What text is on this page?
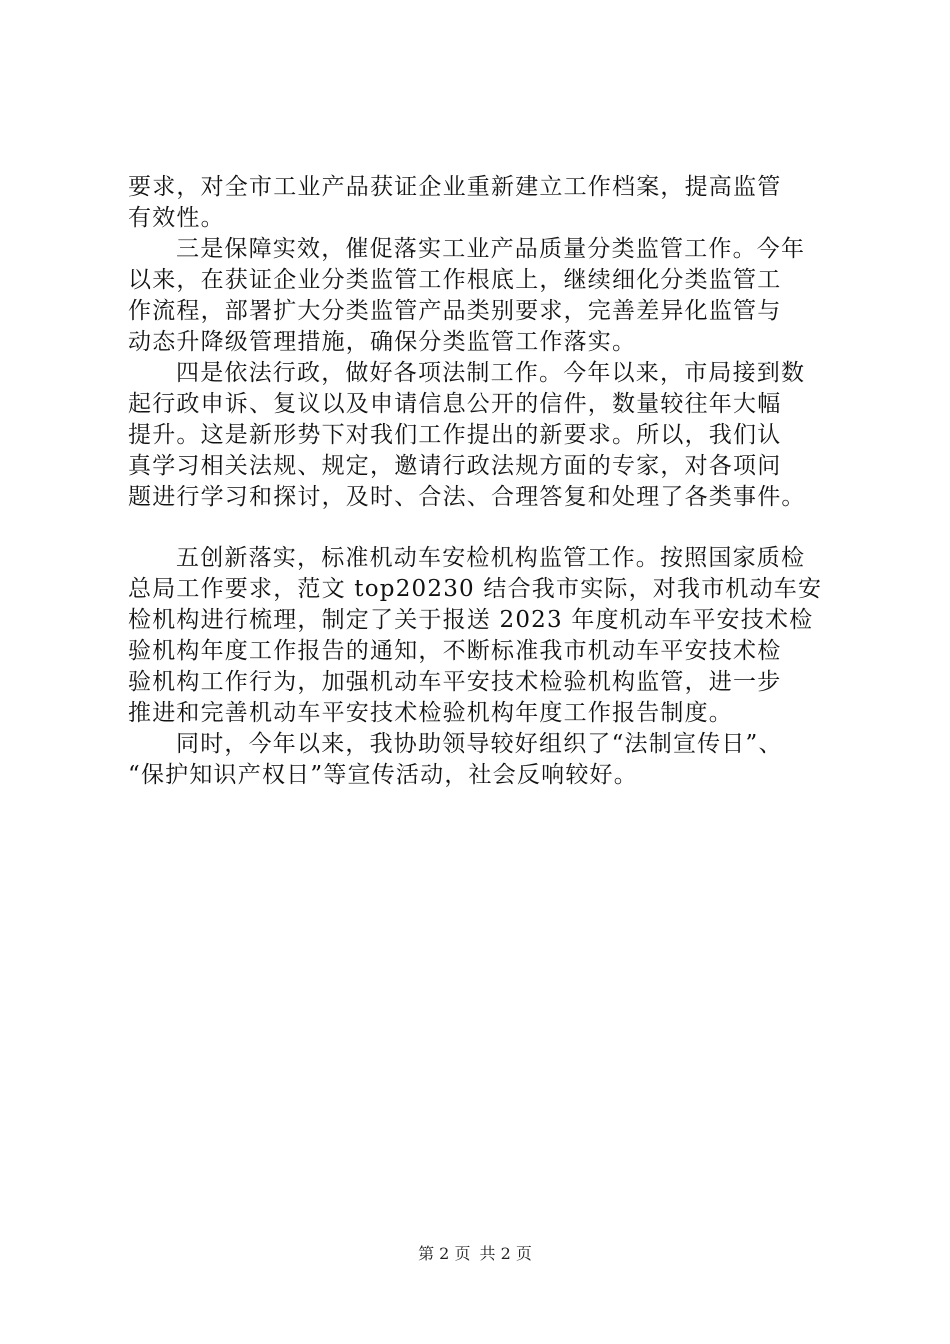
要求，对全市工业产品获证企业重新建立工作档案，提高监管
有效性。
三是保障实效，催促落实工业产品质量分类监管工作。今年
以来，在获证企业分类监管工作根底上，继续细化分类监管工
作流程，部署扩大分类监管产品类别要求，完善差异化监管与
动态升降级管理措施，确保分类监管工作落实。
四是依法行政，做好各项法制工作。今年以来，市局接到数
起行政申诉、复议以及申请信息公开的信件，数量较往年大幅
提升。这是新形势下对我们工作提出的新要求。所以，我们认
真学习相关法规、规定，邀请行政法规方面的专家，对各项问
题进行学习和探讨，及时、合法、合理答复和处理了各类事件。
五创新落实，标准机动车安检机构监管工作。按照国家质检
总局工作要求，范文 top20230 结合我市实际，对我市机动车安
检机构进行梳理，制定了关于报送 2023 年度机动车平安技术检
验机构年度工作报告的通知，不断标准我市机动车平安技术检
验机构工作行为，加强机动车平安技术检验机构监管，进一步
推进和完善机动车平安技术检验机构年度工作报告制度。
同时，今年以来，我协助领导较好组织了“法制宣传日”、
“保护知识产权日”等宣传活动，社会反响较好。
第 2 页 共 2 页
